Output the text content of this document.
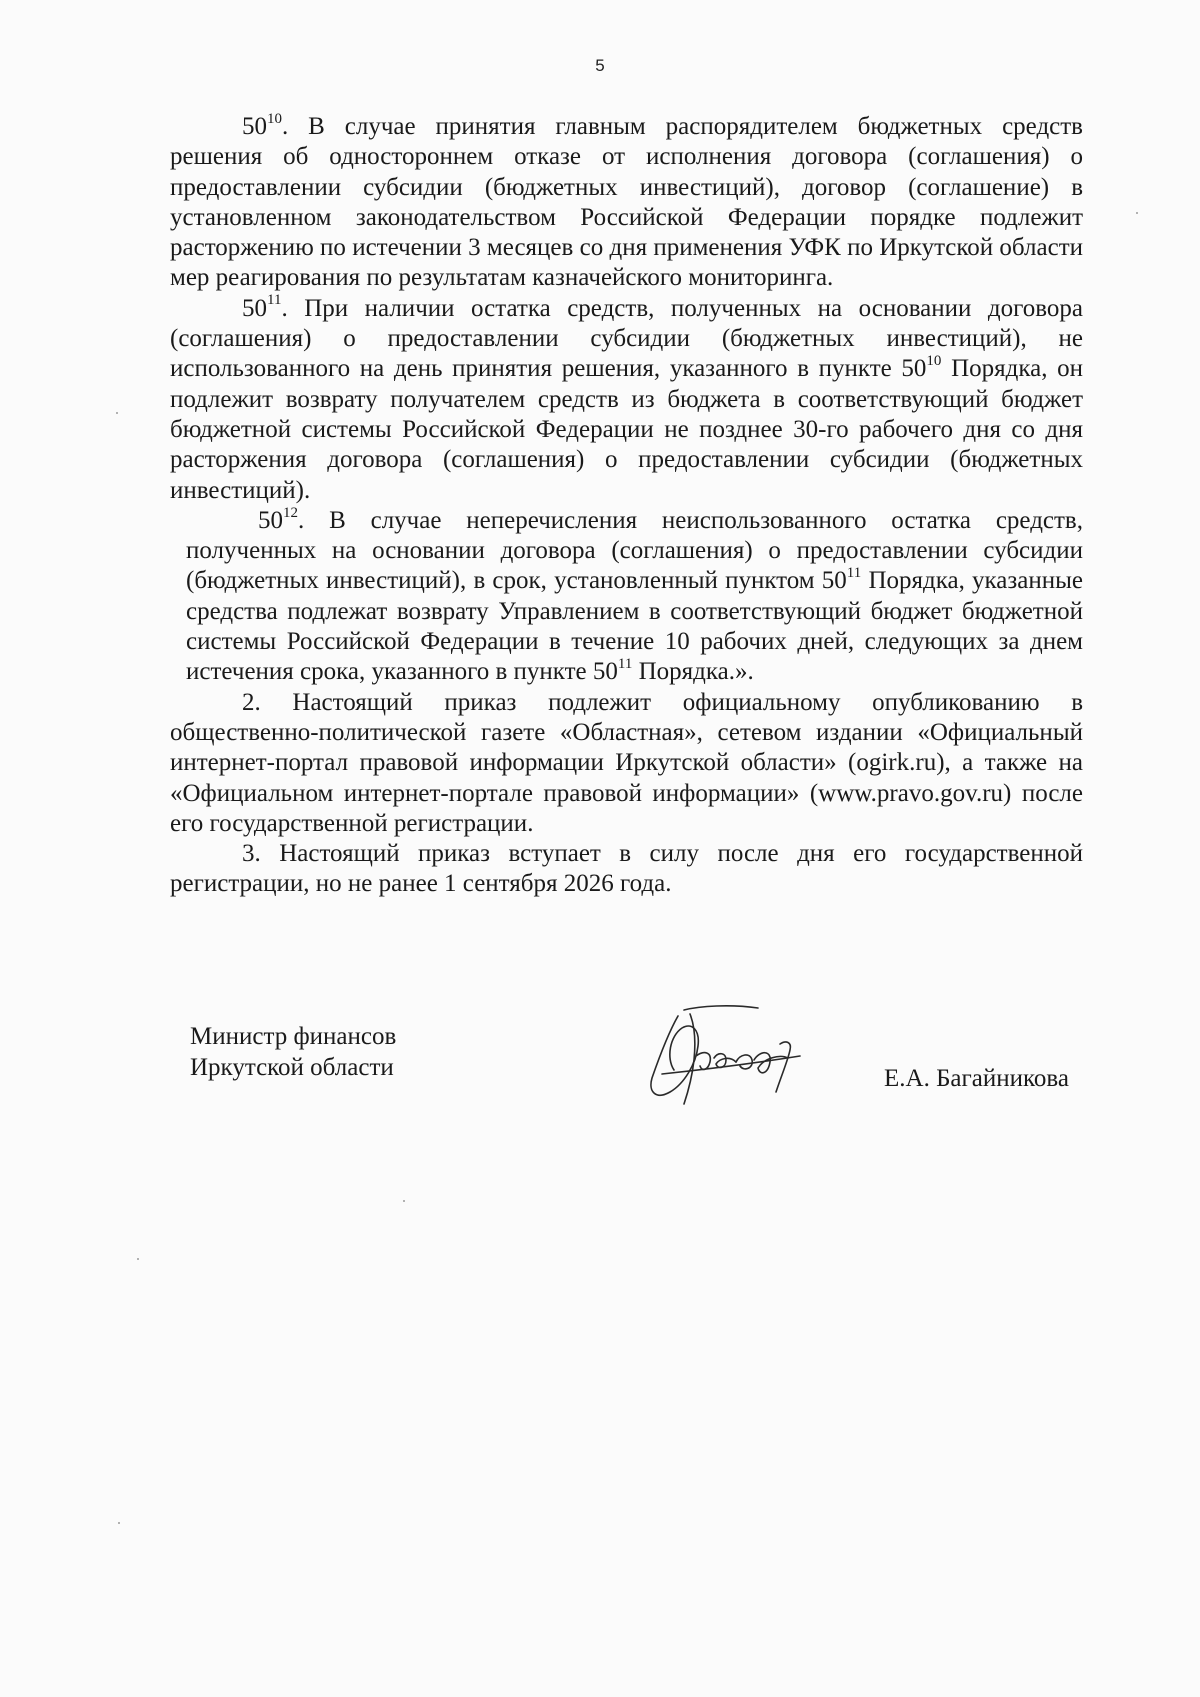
5

$50^{10}$. В случае принятия главным распорядителем бюджетных средств решения об одностороннем отказе от исполнения договора (соглашения) о предоставлении субсидии (бюджетных инвестиций), договор (соглашение) в установленном законодательством Российской Федерации порядке подлежит расторжению по истечении 3 месяцев со дня применения УФК по Иркутской области мер реагирования по результатам казначейского мониторинга.

$50^{11}$. При наличии остатка средств, полученных на основании договора (соглашения) о предоставлении субсидии (бюджетных инвестиций), не использованного на день принятия решения, указанного в пункте $50^{10}$ Порядка, он подлежит возврату получателем средств из бюджета в соответствующий бюджет бюджетной системы Российской Федерации не позднее 30-го рабочего дня со дня расторжения договора (соглашения) о предоставлении субсидии (бюджетных инвестиций).

$50^{12}$. В случае неперечисления неиспользованного остатка средств, полученных на основании договора (соглашения) о предоставлении субсидии (бюджетных инвестиций), в срок, установленный пунктом $50^{11}$ Порядка, указанные средства подлежат возврату Управлением в соответствующий бюджет бюджетной системы Российской Федерации в течение 10 рабочих дней, следующих за днем истечения срока, указанного в пункте $50^{11}$ Порядка.».

2. Настоящий приказ подлежит официальному опубликованию в общественно-политической газете «Областная», сетевом издании «Официальный интернет-портал правовой информации Иркутской области» (ogirk.ru), а также на «Официальном интернет-портале правовой информации» (www.pravo.gov.ru) после его государственной регистрации.

3. Настоящий приказ вступает в силу после дня его государственной регистрации, но не ранее 1 сентября 2026 года.

Министр финансов
Иркутской области	Е.А. Багайникова
